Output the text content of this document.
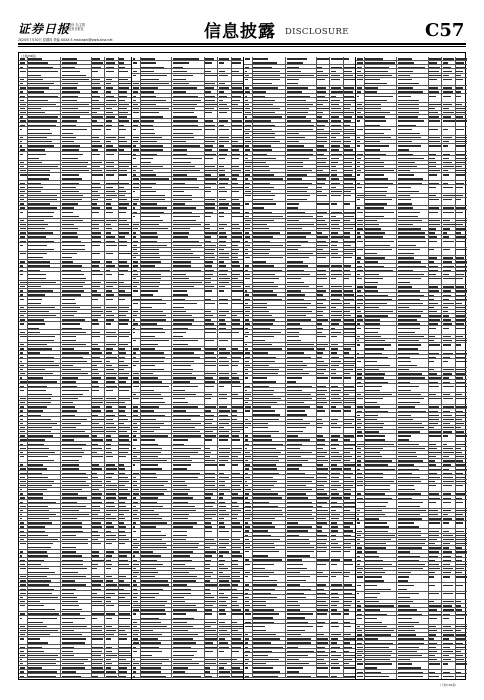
证券日报
股份 办主管
证券日报社
2020年7月30日 星期四 责编 XXXX E-mail:zqrb@zqrb.sina.net	信息披露 DISCLOSURE	C57
(上接C56版)
(下转C58版)
